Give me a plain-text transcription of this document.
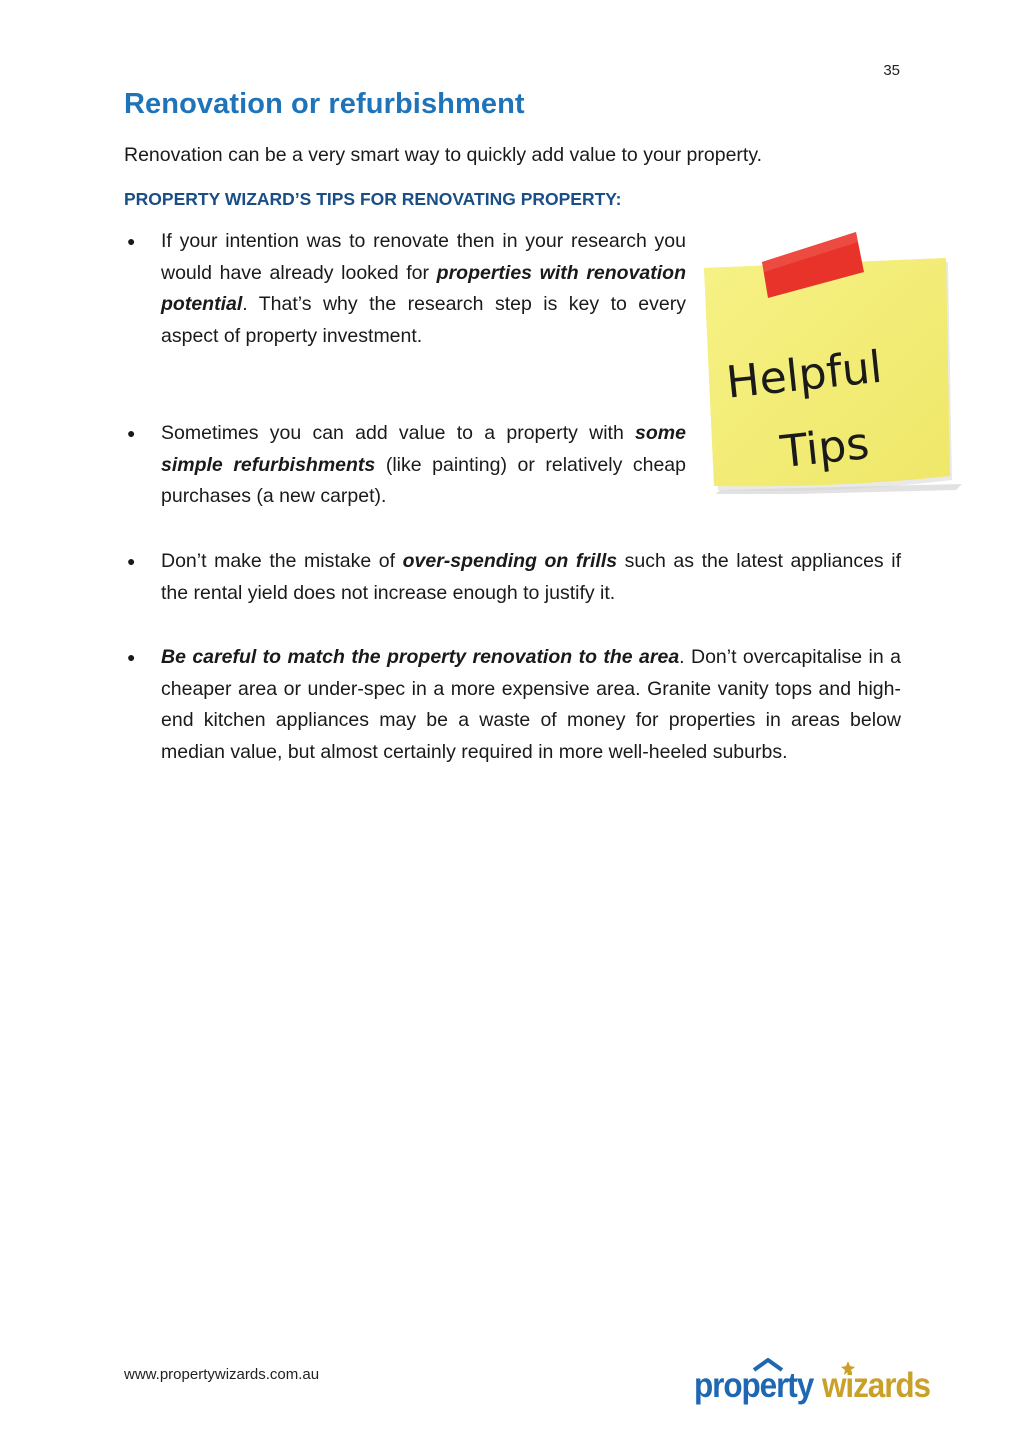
35
Renovation or refurbishment

Renovation can be a very smart way to quickly add value to your property.

PROPERTY WIZARD’S TIPS FOR RENOVATING PROPERTY:
● If your intention was to renovate then in your research you would have already looked for properties with renovation potential. That’s why the research step is key to every aspect of property investment.
● Sometimes you can add value to a property with some simple refurbishments (like painting) or relatively cheap purchases (a new carpet).
● Don’t make the mistake of over-spending on frills such as the latest appliances if the rental yield does not increase enough to justify it.
● Be careful to match the property renovation to the area. Don’t overcapitalise in a cheaper area or under-spec in a more expensive area. Granite vanity tops and high-end kitchen appliances may be a waste of money for properties in areas below median value, but almost certainly required in more well-heeled suburbs.
Helpful
Tips
www.propertywizards.com.au	property wizards
